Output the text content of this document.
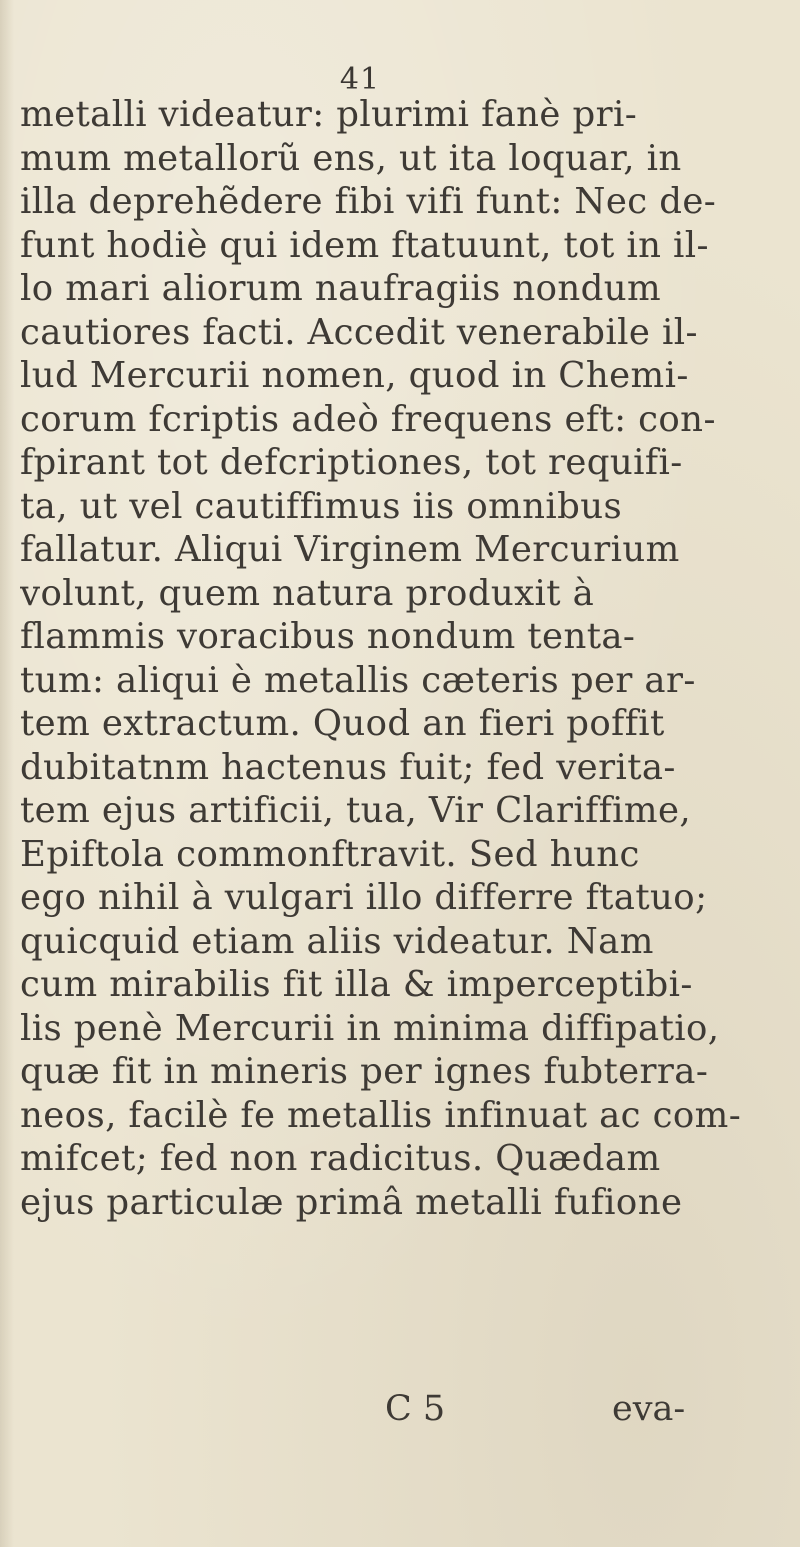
41
metalli videatur: plurimi fanè pri-
mum metallorũ ens, ut ita loquar, in
illa deprehẽdere fibi vifi funt: Nec de-
funt hodiè qui idem ftatuunt, tot in il-
lo mari aliorum naufragiis nondum
cautiores facti. Accedit venerabile il-
lud Mercurii nomen, quod in Chemi-
corum fcriptis adeò frequens eft: con-
fpirant tot defcriptiones, tot requifi-
ta, ut vel cautiffimus iis omnibus
fallatur. Aliqui Virginem Mercurium
volunt, quem natura produxit à
flammis voracibus nondum tenta-
tum: aliqui è metallis cæteris per ar-
tem extractum. Quod an fieri poffit
dubitatnm hactenus fuit; fed verita-
tem ejus artificii, tua, Vir Clariffime,
Epiftola commonftravit. Sed hunc
ego nihil à vulgari illo differre ftatuo;
quicquid etiam aliis videatur. Nam
cum mirabilis fit illa & imperceptibi-
lis penè Mercurii in minima diffipatio,
quæ fit in mineris per ignes fubterra-
neos, facilè fe metallis infinuat ac com-
mifcet; fed non radicitus. Quædam
ejus particulæ primâ metalli fufione
C 5	eva-
